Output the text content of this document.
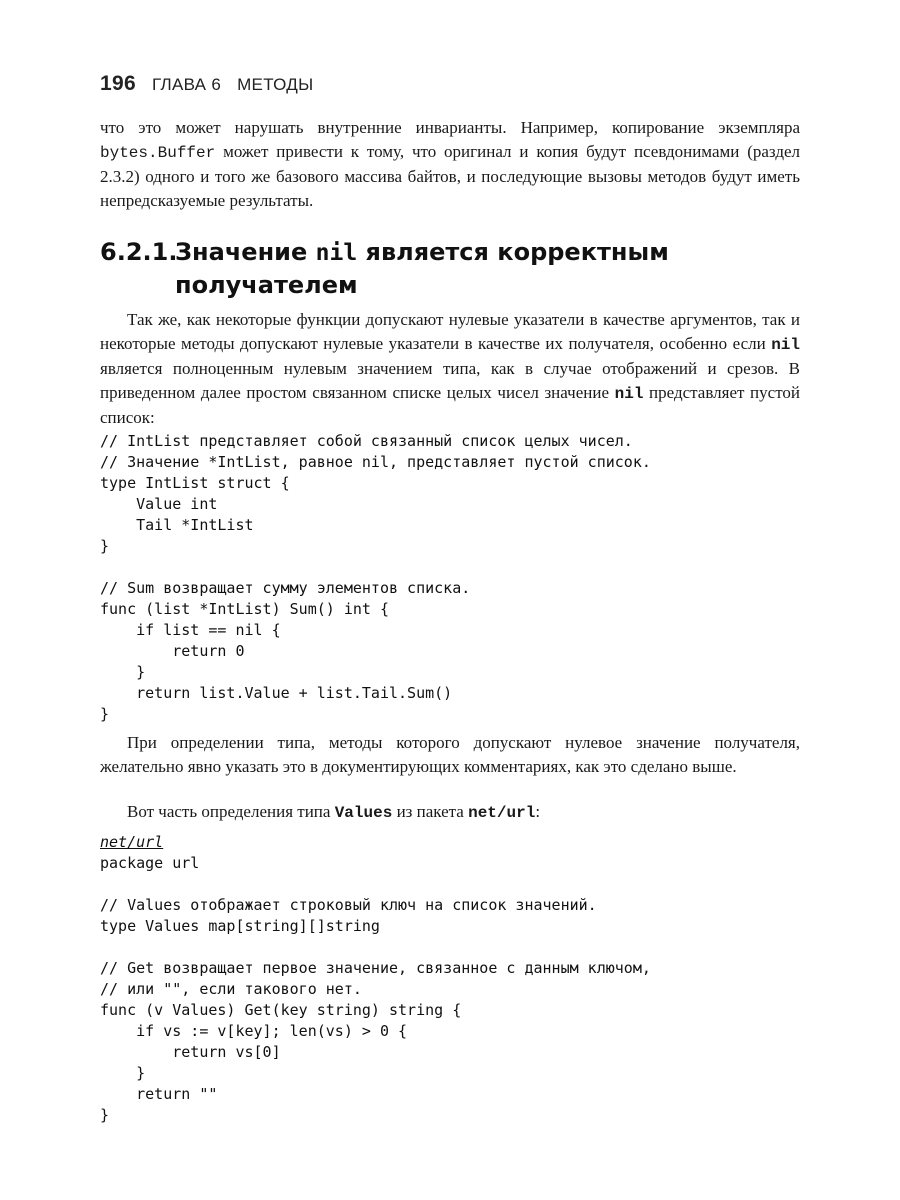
196 ГЛАВА 6 МЕТОДЫ

что это может нарушать внутренние инварианты. Например, копирование экземпляра bytes.Buffer может привести к тому, что оригинал и копия будут псевдонимами (раздел 2.3.2) одного и того же базового массива байтов, и последующие вызовы методов будут иметь непредсказуемые результаты.

6.2.1.Значение nil является корректным
получателем

Так же, как некоторые функции допускают нулевые указатели в качестве аргументов, так и некоторые методы допускают нулевые указатели в качестве их получателя, особенно если nil является полноценным нулевым значением типа, как в случае отображений и срезов. В приведенном далее простом связанном списке целых чисел значение nil представляет пустой список:

// IntList представляет собой связанный список целых чисел.
// Значение *IntList, равное nil, представляет пустой список.
type IntList struct {
Value int
Tail *IntList
}

// Sum возвращает сумму элементов списка.
func (list *IntList) Sum() int {
if list == nil {
return 0
}
return list.Value + list.Tail.Sum()
}

При определении типа, методы которого допускают нулевое значение получателя, желательно явно указать это в документирующих комментариях, как это сделано выше.

Вот часть определения типа Values из пакета net/url:

net/url
package url

// Values отображает строковый ключ на список значений.
type Values map[string][]string

// Get возвращает первое значение, связанное с данным ключом,
// или "", если такового нет.
func (v Values) Get(key string) string {
if vs := v[key]; len(vs) > 0 {
return vs[0]
}
return ""
}
